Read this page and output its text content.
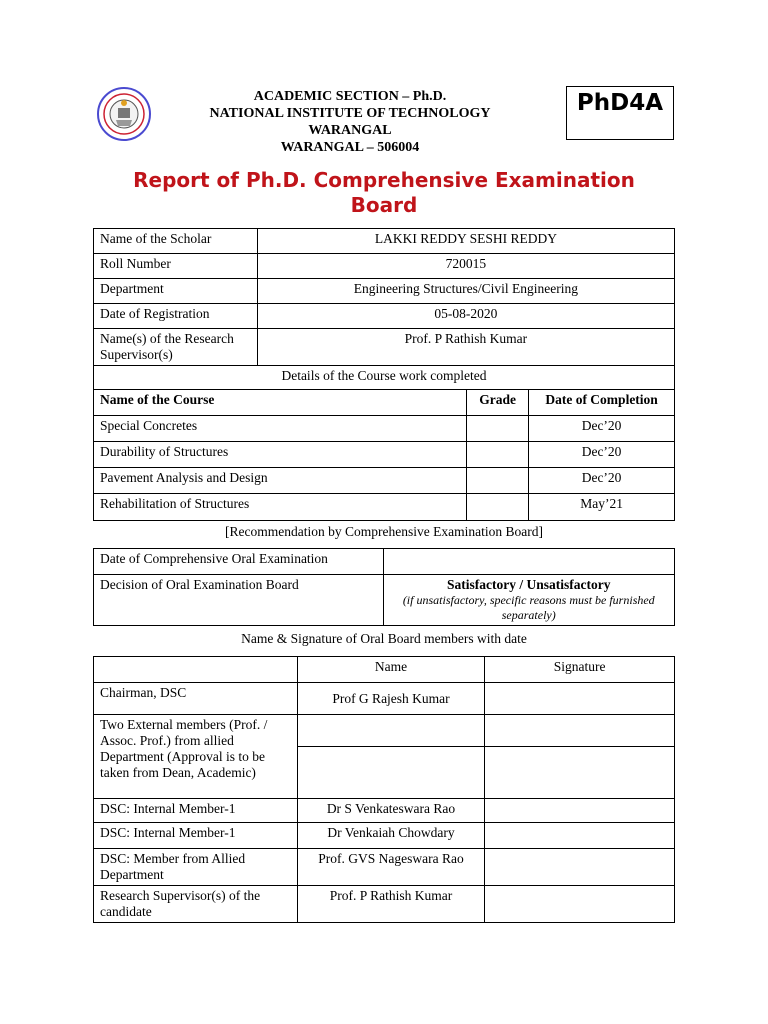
ACADEMIC SECTION – Ph.D.
NATIONAL INSTITUTE OF TECHNOLOGY
WARANGAL
WARANGAL – 506004
PhD4A
Report of Ph.D. Comprehensive Examination Board
Name of the Scholar	LAKKI REDDY SESHI REDDY		
Roll Number	720015		
Department	Engineering Structures/Civil Engineering		
Date of Registration	05-08-2020		
Name(s) of the Research Supervisor(s)	Prof. P Rathish Kumar		
Details of the Course work completed			
Name of the Course		Grade	Date of Completion
Special Concretes			Dec’20
Durability of Structures			Dec’20
Pavement Analysis and Design			Dec’20
Rehabilitation of Structures			May’21
[Recommendation by Comprehensive Examination Board]
Date of Comprehensive Oral Examination	
Decision of Oral Examination Board	Satisfactory / Unsatisfactory
(if unsatisfactory, specific reasons must be furnished separately)
Name & Signature of Oral Board members with date
	Name	Signature
Chairman, DSC	Prof G Rajesh Kumar	
Two External members (Prof. / Assoc. Prof.) from allied Department (Approval is to be taken from Dean, Academic)		

DSC: Internal Member-1	Dr S Venkateswara Rao	
DSC: Internal Member-1	Dr Venkaiah Chowdary	
DSC: Member from Allied Department	Prof. GVS Nageswara Rao	
Research Supervisor(s) of the candidate	Prof. P Rathish Kumar	
